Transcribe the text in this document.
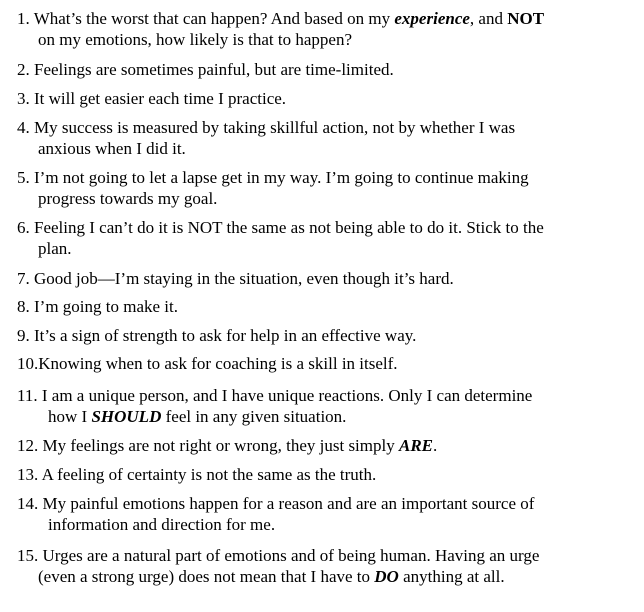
1. What’s the worst that can happen? And based on my experience, and NOT
on my emotions, how likely is that to happen?
2. Feelings are sometimes painful, but are time-limited.
3. It will get easier each time I practice.
4. My success is measured by taking skillful action, not by whether I was
anxious when I did it.
5. I’m not going to let a lapse get in my way. I’m going to continue making
progress towards my goal.
6. Feeling I can’t do it is NOT the same as not being able to do it. Stick to the
plan.
7. Good job—I’m staying in the situation, even though it’s hard.
8. I’m going to make it.
9. It’s a sign of strength to ask for help in an effective way.
10.Knowing when to ask for coaching is a skill in itself.
11. I am a unique person, and I have unique reactions. Only I can determine
how I SHOULD feel in any given situation.
12. My feelings are not right or wrong, they just simply ARE.
13. A feeling of certainty is not the same as the truth.
14. My painful emotions happen for a reason and are an important source of
information and direction for me.
15. Urges are a natural part of emotions and of being human. Having an urge
(even a strong urge) does not mean that I have to DO anything at all.
